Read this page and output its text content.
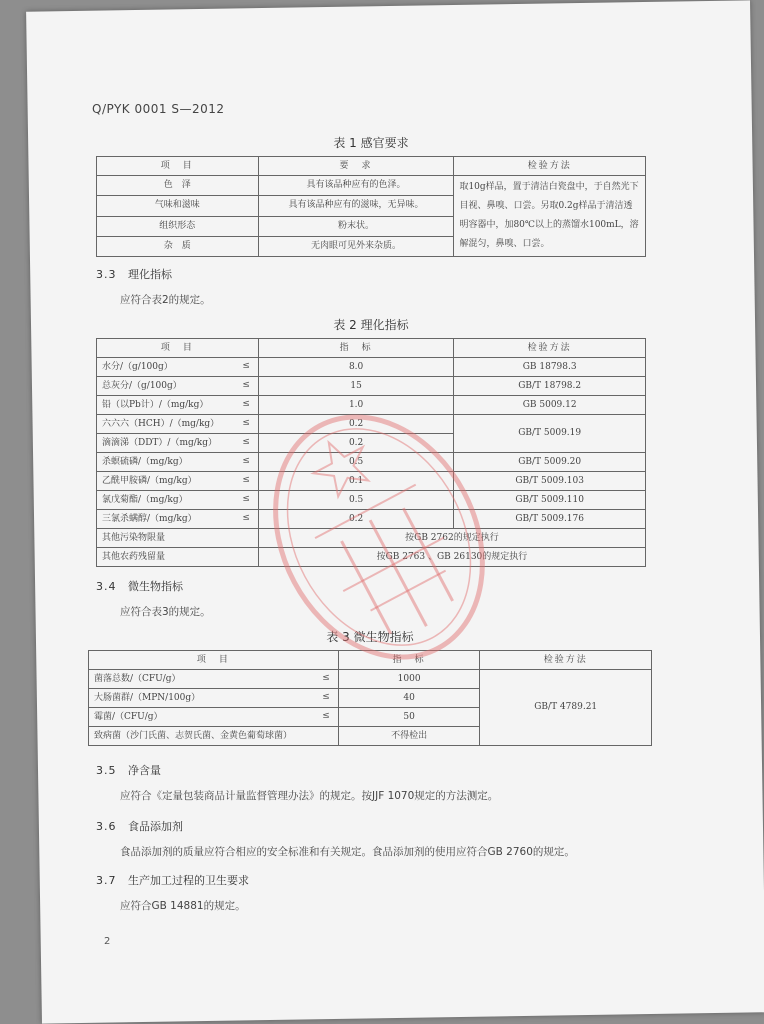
Q/PYK 0001 S—2012
表 1 感官要求
项　目	要　求	检验方法
色　泽	具有该品种应有的色泽。	取10g样品，置于清洁白瓷盘中，于自然光下目视、鼻嗅、口尝。另取0.2g样品于清洁透明容器中，加80℃以上的蒸馏水100mL，溶解混匀，鼻嗅、口尝。
气味和滋味	具有该品种应有的滋味，无异味。	
组织形态	粉末状。	
杂　质	无肉眼可见外来杂质。	
3.3 理化指标
应符合表2的规定。
表 2 理化指标
项　目	指　标	检验方法
水分/（g/100g） ≤	8.0	GB 18798.3
总灰分/（g/100g） ≤	15	GB/T 18798.2
铅（以Pb计）/（mg/kg） ≤	1.0	GB 5009.12
六六六（HCH）/（mg/kg） ≤	0.2	GB/T 5009.19
滴滴涕（DDT）/（mg/kg） ≤	0.2	
杀螟硫磷/（mg/kg） ≤	0.5	GB/T 5009.20
乙酰甲胺磷/（mg/kg） ≤	0.1	GB/T 5009.103
氯戊菊酯/（mg/kg） ≤	0.5	GB/T 5009.110
三氯杀螨醇/（mg/kg） ≤	0.2	GB/T 5009.176
其他污染物限量	按GB 2762的规定执行	
其他农药残留量	按GB 2763 、GB 26130的规定执行	
3.4 微生物指标
应符合表3的规定。
表 3 微生物指标
项　目	指　标	检验方法
菌落总数/（CFU/g） ≤	1000	GB/T 4789.21
大肠菌群/（MPN/100g） ≤	40	
霉菌/（CFU/g） ≤	50	
致病菌（沙门氏菌、志贺氏菌、金黄色葡萄球菌）	不得检出	
3.5 净含量
应符合《定量包装商品计量监督管理办法》的规定。按JJF 1070规定的方法测定。
3.6 食品添加剂
食品添加剂的质量应符合相应的安全标准和有关规定。食品添加剂的使用应符合GB 2760的规定。
3.7 生产加工过程的卫生要求
应符合GB 14881的规定。
2
